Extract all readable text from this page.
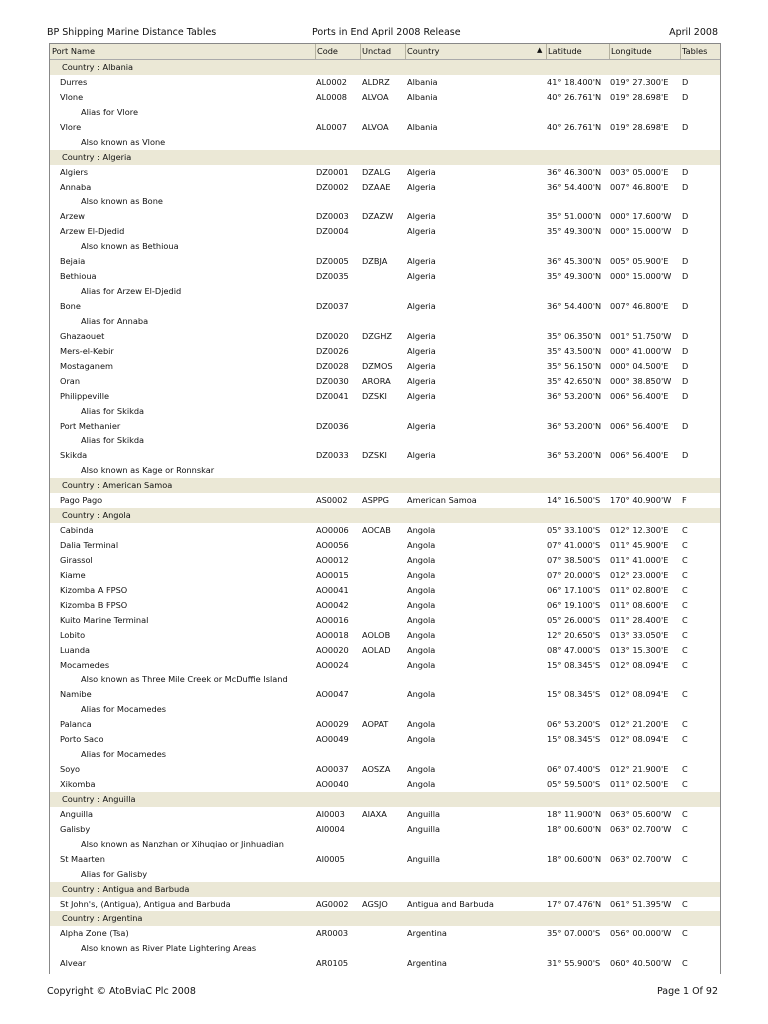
BP Shipping Marine Distance Tables	Ports in End April 2008 Release	April 2008
Port Name	Code	Unctad Country	▲ Latitude	Longitude	Tables
Country : Albania
Durres	AL0002 ALDRZ Albania	41° 18.400'N 019° 27.300'E D
Vlone	AL0008 ALVOA Albania	40° 26.761'N 019° 28.698'E D
Alias for Vlore
Vlore	AL0007 ALVOA Albania	40° 26.761'N 019° 28.698'E D
Also known as Vlone
Country : Algeria
Algiers	DZ0001 DZALG Algeria	36° 46.300'N 003° 05.000'E D
Annaba	DZ0002 DZAAE Algeria	36° 54.400'N 007° 46.800'E D
Also known as Bone
Arzew	DZ0003 DZAZW Algeria	35° 51.000'N 000° 17.600'W D
Arzew El-Djedid	DZ0004	Algeria	35° 49.300'N 000° 15.000'W D
Also known as Bethioua
Bejaia	DZ0005 DZBJA Algeria	36° 45.300'N 005° 05.900'E D
Bethioua	DZ0035	Algeria	35° 49.300'N 000° 15.000'W D
Alias for Arzew El-Djedid
Bone	DZ0037	Algeria	36° 54.400'N 007° 46.800'E D
Alias for Annaba
Ghazaouet	DZ0020 DZGHZ Algeria	35° 06.350'N 001° 51.750'W D
Mers-el-Kebir	DZ0026	Algeria	35° 43.500'N 000° 41.000'W D
Mostaganem	DZ0028 DZMOS Algeria	35° 56.150'N 000° 04.500'E D
Oran	DZ0030 ARORA Algeria	35° 42.650'N 000° 38.850'W D
Philippeville	DZ0041 DZSKI Algeria	36° 53.200'N 006° 56.400'E D
Alias for Skikda
Port Methanier	DZ0036	Algeria	36° 53.200'N 006° 56.400'E D
Alias for Skikda
Skikda	DZ0033 DZSKI Algeria	36° 53.200'N 006° 56.400'E D
Also known as Kage or Ronnskar
Country : American Samoa
Pago Pago	AS0002 ASPPG American Samoa	14° 16.500'S 170° 40.900'W F
Country : Angola
Cabinda	AO0006 AOCAB Angola	05° 33.100'S 012° 12.300'E C
Dalia Terminal	AO0056	Angola	07° 41.000'S 011° 45.900'E C
Girassol	AO0012	Angola	07° 38.500'S 011° 41.000'E C
Kiame	AO0015	Angola	07° 20.000'S 012° 23.000'E C
Kizomba A FPSO	AO0041	Angola	06° 17.100'S 011° 02.800'E C
Kizomba B FPSO	AO0042	Angola	06° 19.100'S 011° 08.600'E C
Kuito Marine Terminal	AO0016	Angola	05° 26.000'S 011° 28.400'E C
Lobito	AO0018 AOLOB Angola	12° 20.650'S 013° 33.050'E C
Luanda	AO0020 AOLAD Angola	08° 47.000'S 013° 15.300'E C
Mocamedes	AO0024	Angola	15° 08.345'S 012° 08.094'E C
Also known as Three Mile Creek or McDuffie Island
Namibe	AO0047	Angola	15° 08.345'S 012° 08.094'E C
Alias for Mocamedes
Palanca	AO0029 AOPAT Angola	06° 53.200'S 012° 21.200'E C
Porto Saco	AO0049	Angola	15° 08.345'S 012° 08.094'E C
Alias for Mocamedes
Soyo	AO0037 AOSZA Angola	06° 07.400'S 012° 21.900'E C
Xikomba	AO0040	Angola	05° 59.500'S 011° 02.500'E C
Country : Anguilla
Anguilla	AI0003 AIAXA Anguilla	18° 11.900'N 063° 05.600'W C
Galisby	AI0004	Anguilla	18° 00.600'N 063° 02.700'W C
Also known as Nanzhan or Xihuqiao or Jinhuadian
St Maarten	AI0005	Anguilla	18° 00.600'N 063° 02.700'W C
Alias for Galisby
Country : Antigua and Barbuda
St John's, (Antigua), Antigua and Barbuda	AG0002 AGSJO Antigua and Barbuda	17° 07.476'N 061° 51.395'W C
Country : Argentina
Alpha Zone (Tsa)	AR0003	Argentina	35° 07.000'S 056° 00.000'W C
Also known as River Plate Lightering Areas
Alvear	AR0105	Argentina	31° 55.900'S 060° 40.500'W C
Copyright © AtoBviaC Plc 2008	Page 1 Of 92
